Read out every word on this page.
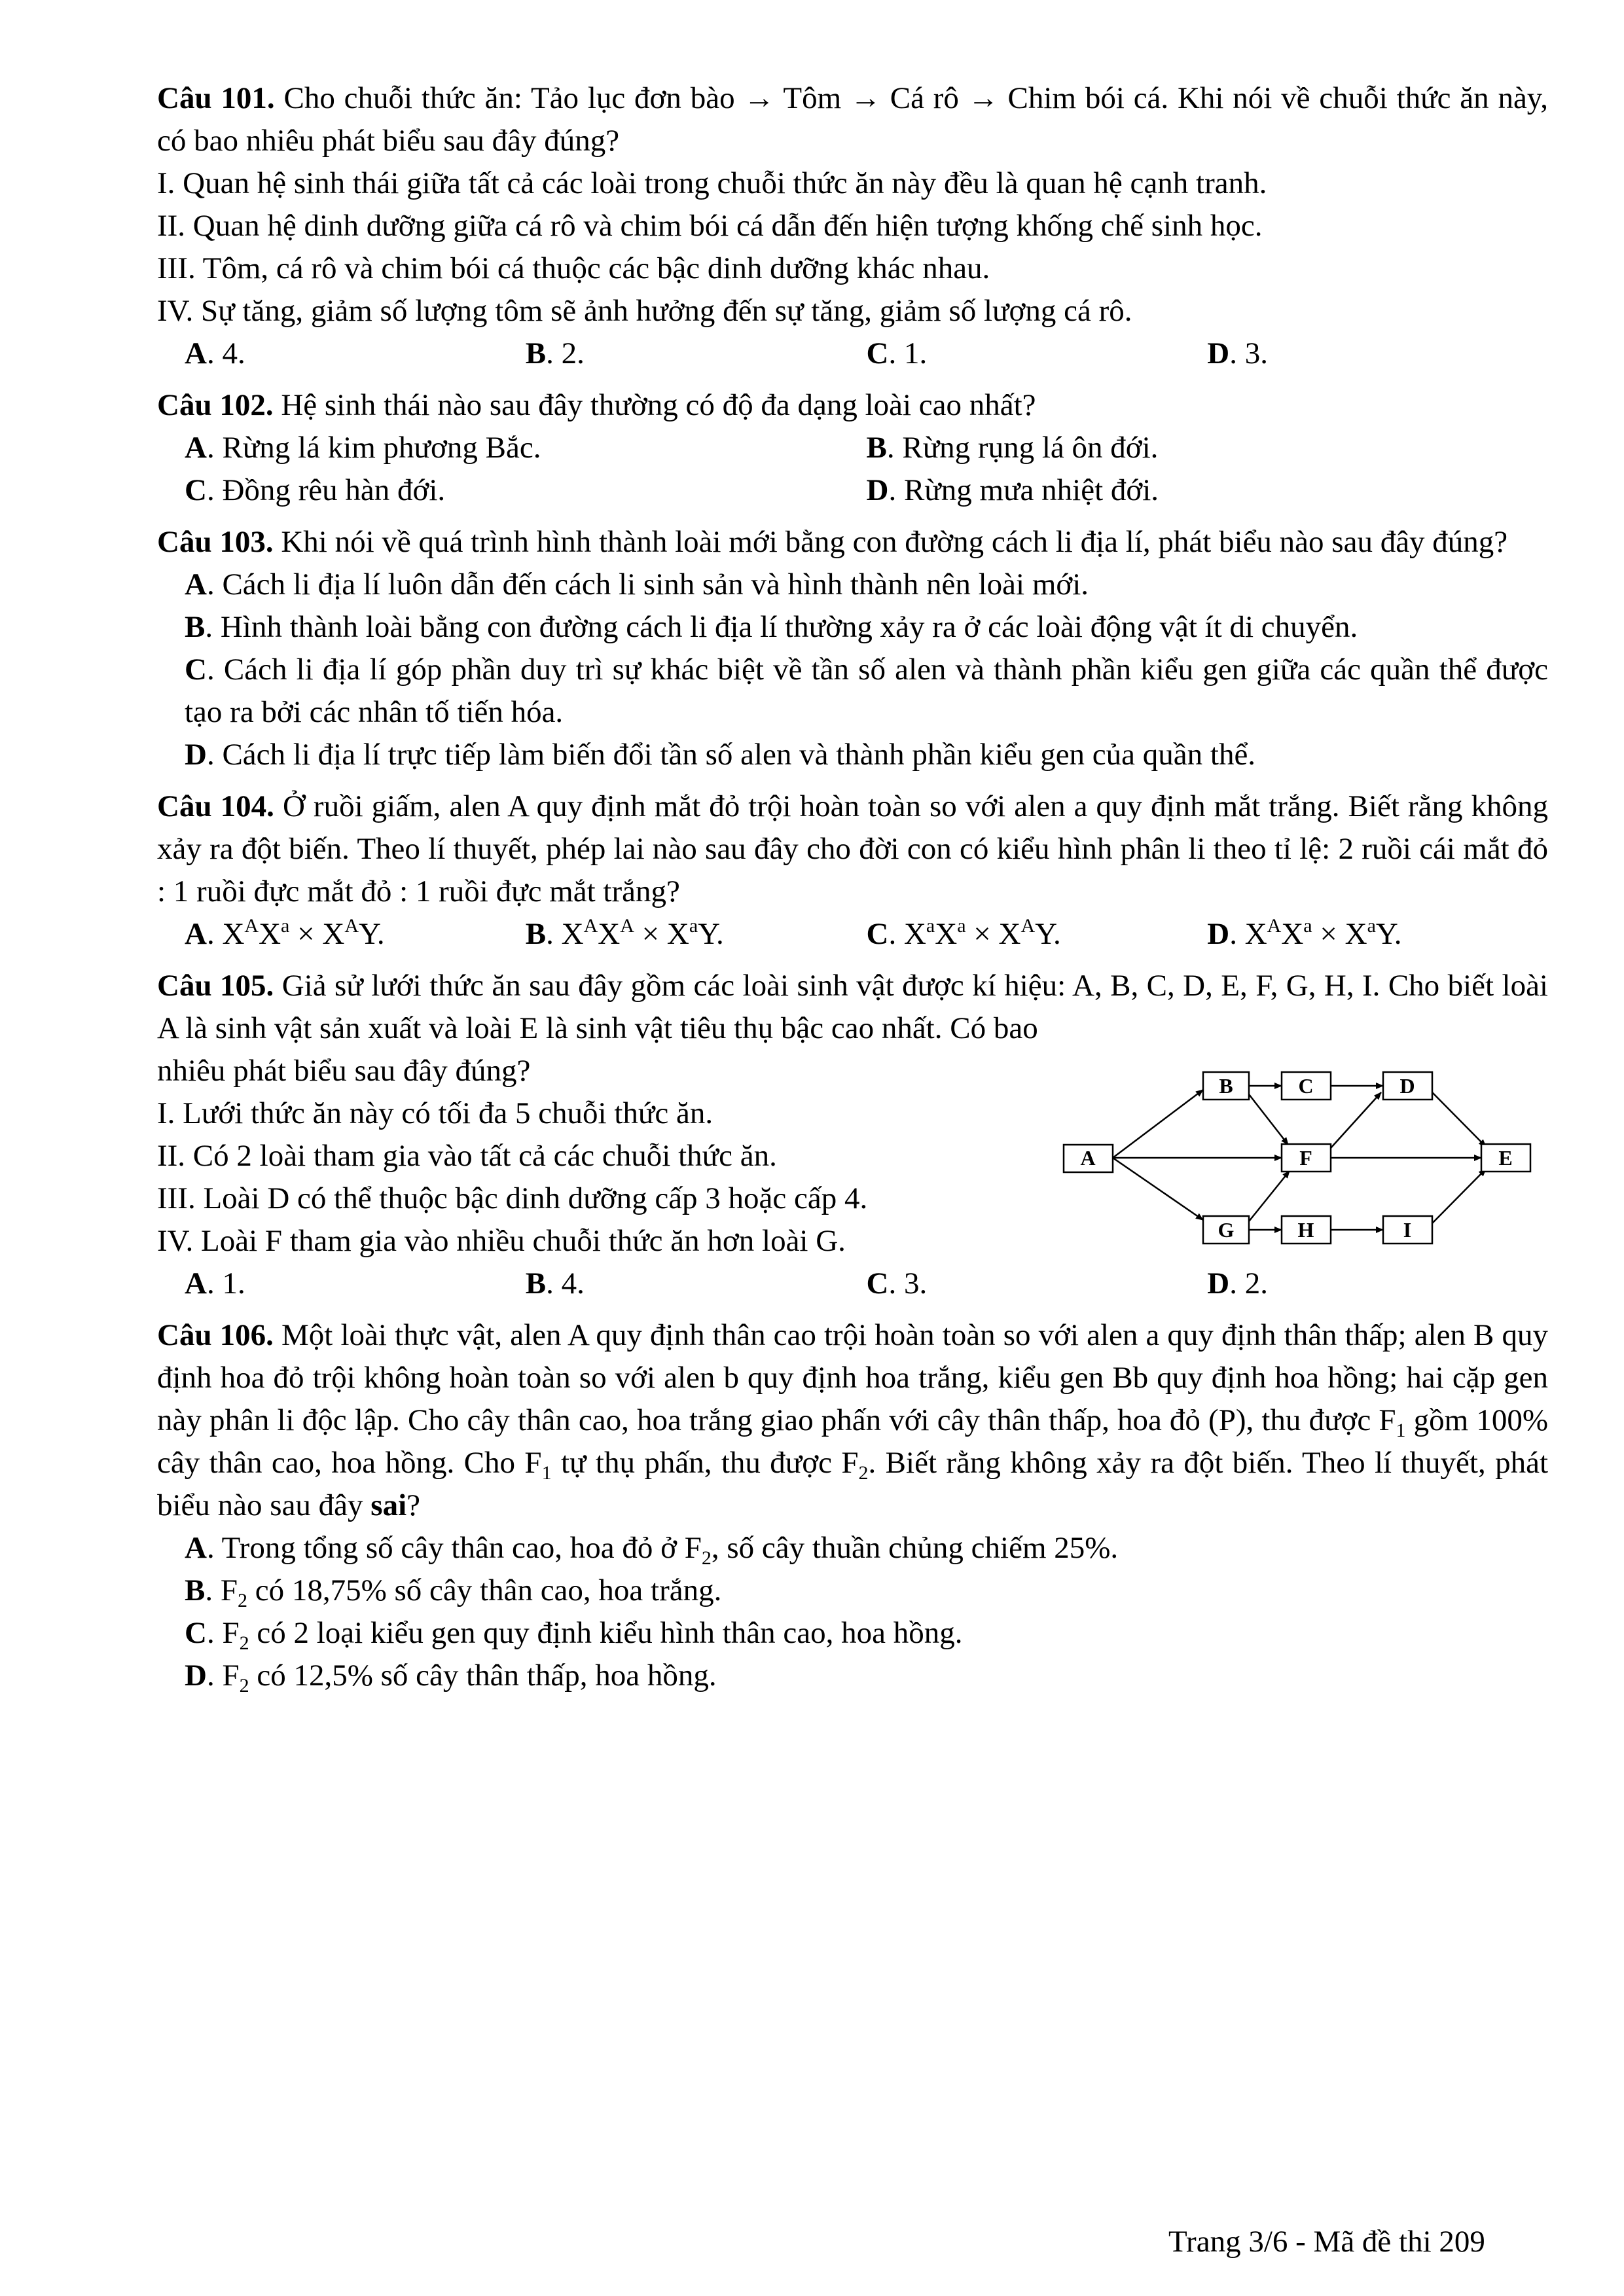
Câu 101. Cho chuỗi thức ăn: Tảo lục đơn bào → Tôm → Cá rô → Chim bói cá. Khi nói về chuỗi thức ăn này, có bao nhiêu phát biểu sau đây đúng?

I. Quan hệ sinh thái giữa tất cả các loài trong chuỗi thức ăn này đều là quan hệ cạnh tranh.

II. Quan hệ dinh dưỡng giữa cá rô và chim bói cá dẫn đến hiện tượng khống chế sinh học.

III. Tôm, cá rô và chim bói cá thuộc các bậc dinh dưỡng khác nhau.

IV. Sự tăng, giảm số lượng tôm sẽ ảnh hưởng đến sự tăng, giảm số lượng cá rô.

A. 4.	B. 2.	C. 1.	D. 3.

Câu 102. Hệ sinh thái nào sau đây thường có độ đa dạng loài cao nhất?

A. Rừng lá kim phương Bắc.	B. Rừng rụng lá ôn đới.
C. Đồng rêu hàn đới.	D. Rừng mưa nhiệt đới.

Câu 103. Khi nói về quá trình hình thành loài mới bằng con đường cách li địa lí, phát biểu nào sau đây đúng?

A. Cách li địa lí luôn dẫn đến cách li sinh sản và hình thành nên loài mới.

B. Hình thành loài bằng con đường cách li địa lí thường xảy ra ở các loài động vật ít di chuyển.

C. Cách li địa lí góp phần duy trì sự khác biệt về tần số alen và thành phần kiểu gen giữa các quần thể được tạo ra bởi các nhân tố tiến hóa.

D. Cách li địa lí trực tiếp làm biến đổi tần số alen và thành phần kiểu gen của quần thể.

Câu 104. Ở ruồi giấm, alen A quy định mắt đỏ trội hoàn toàn so với alen a quy định mắt trắng. Biết rằng không xảy ra đột biến. Theo lí thuyết, phép lai nào sau đây cho đời con có kiểu hình phân li theo tỉ lệ: 2 ruồi cái mắt đỏ : 1 ruồi đực mắt đỏ : 1 ruồi đực mắt trắng?

A. $X^AX^a \times X^AY$.	B. $X^AX^A \times X^aY$.	C. $X^aX^a \times X^AY$.	D. $X^AX^a \times X^aY$.

Câu 105. Giả sử lưới thức ăn sau đây gồm các loài sinh vật được kí hiệu: A, B, C, D, E, F, G, H, I. Cho biết loài A là sinh vật sản xuất và loài E là sinh vật tiêu thụ bậc cao nhất. Có bao

nhiêu phát biểu sau đây đúng?

I. Lưới thức ăn này có tối đa 5 chuỗi thức ăn.

II. Có 2 loài tham gia vào tất cả các chuỗi thức ăn.

III. Loài D có thể thuộc bậc dinh dưỡng cấp 3 hoặc cấp 4.

IV. Loài F tham gia vào nhiều chuỗi thức ăn hơn loài G.

A
B	C	D
F	E
G	H	I
A. 1.	B. 4.	C. 3.	D. 2.

Câu 106. Một loài thực vật, alen A quy định thân cao trội hoàn toàn so với alen a quy định thân thấp; alen B quy định hoa đỏ trội không hoàn toàn so với alen b quy định hoa trắng, kiểu gen Bb quy định hoa hồng; hai cặp gen này phân li độc lập. Cho cây thân cao, hoa trắng giao phấn với cây thân thấp, hoa đỏ (P), thu được $F_1$ gồm 100% cây thân cao, hoa hồng. Cho $F_1$ tự thụ phấn, thu được $F_2$. Biết rằng không xảy ra đột biến. Theo lí thuyết, phát biểu nào sau đây sai?

A. Trong tổng số cây thân cao, hoa đỏ ở $F_2$, số cây thuần chủng chiếm 25%.

B. $F_2$ có 18,75% số cây thân cao, hoa trắng.

C. $F_2$ có 2 loại kiểu gen quy định kiểu hình thân cao, hoa hồng.

D. $F_2$ có 12,5% số cây thân thấp, hoa hồng.

Trang 3/6 - Mã đề thi 209
